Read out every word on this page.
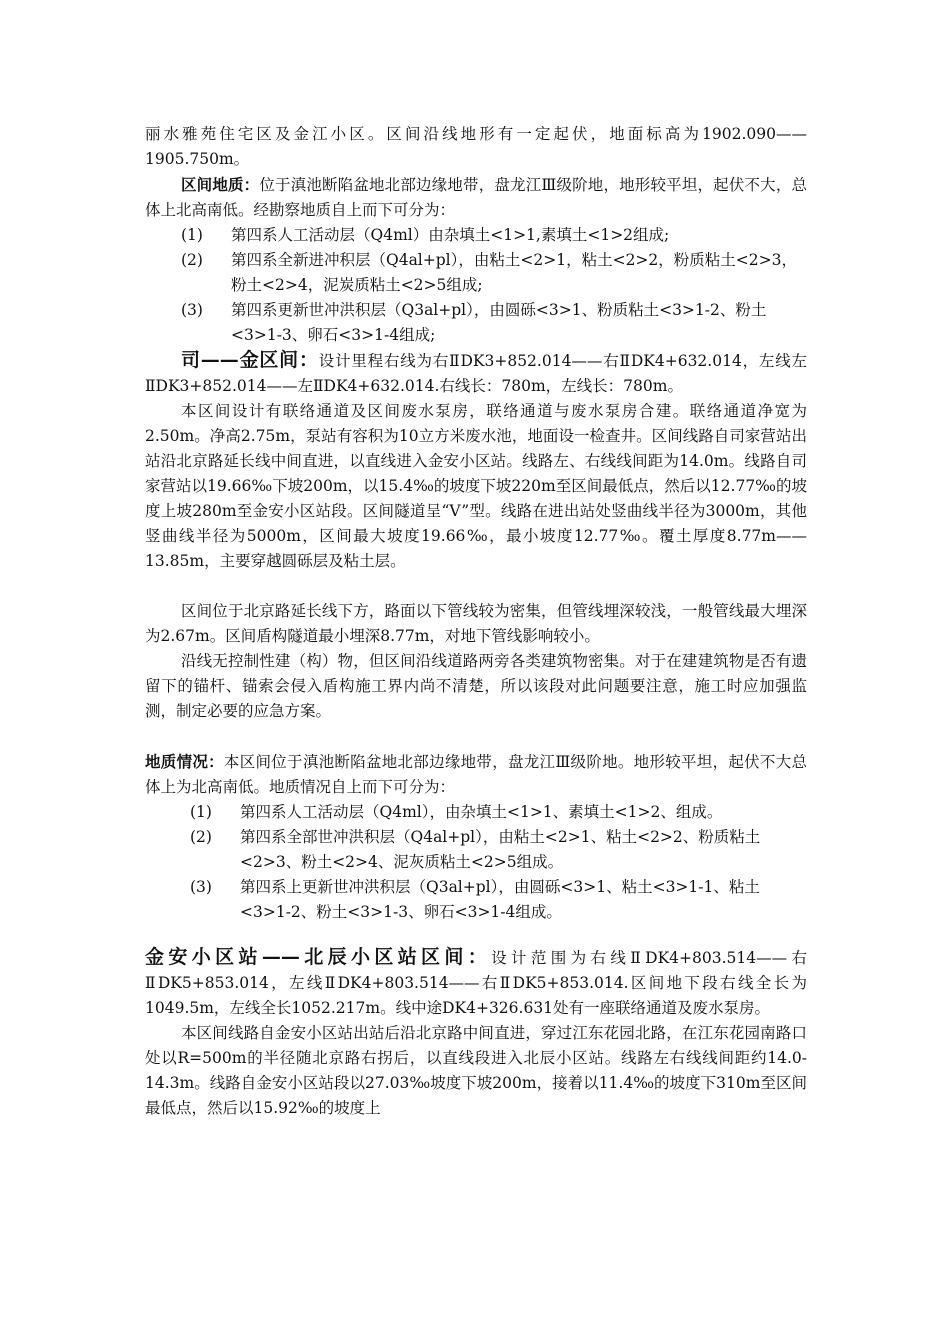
丽水雅苑住宅区及金江小区。区间沿线地形有一定起伏，地面标高为1902.090——1905.750m。

区间地质：位于滇池断陷盆地北部边缘地带，盘龙江Ⅲ级阶地，地形较平坦，起伏不大，总体上北高南低。经勘察地质自上而下可分为：

(1) 第四系人工活动层（Q4ml）由杂填土<1>1,素填土<1>2组成;

(2) 第四系全新进冲积层（Q4al+pl），由粘土<2>1，粘土<2>2，粉质粘土<2>3，粉土<2>4，泥炭质粘土<2>5组成;

(3) 第四系更新世冲洪积层（Q3al+pl），由圆砾<3>1、粉质粘土<3>1-2、粉土<3>1-3、卵石<3>1-4组成;

司——金区间：设计里程右线为右ⅡDK3+852.014——右ⅡDK4+632.014，左线左ⅡDK3+852.014——左ⅡDK4+632.014.右线长：780m，左线长：780m。

本区间设计有联络通道及区间废水泵房，联络通道与废水泵房合建。联络通道净宽为2.50m。净高2.75m，泵站有容积为10立方米废水池，地面设一检查井。区间线路自司家营站出站沿北京路延长线中间直进，以直线进入金安小区站。线路左、右线线间距为14.0m。线路自司家营站以19.66‰下坡200m，以15.4‰的坡度下坡220m至区间最低点，然后以12.77‰的坡度上坡280m至金安小区站段。区间隧道呈“V”型。线路在进出站处竖曲线半径为3000m，其他竖曲线半径为5000m，区间最大坡度19.66‰，最小坡度12.77‰。覆土厚度8.77m——13.85m，主要穿越圆砾层及粘土层。

区间位于北京路延长线下方，路面以下管线较为密集，但管线埋深较浅，一般管线最大埋深为2.67m。区间盾构隧道最小埋深8.77m，对地下管线影响较小。

沿线无控制性建（构）物，但区间沿线道路两旁各类建筑物密集。对于在建建筑物是否有遗留下的锚杆、锚索会侵入盾构施工界内尚不清楚，所以该段对此问题要注意，施工时应加强监测，制定必要的应急方案。

地质情况：本区间位于滇池断陷盆地北部边缘地带，盘龙江Ⅲ级阶地。地形较平坦，起伏不大总体上为北高南低。地质情况自上而下可分为：

(1) 第四系人工活动层（Q4ml），由杂填土<1>1、素填土<1>2、组成。

(2) 第四系全部世冲洪积层（Q4al+pl），由粘土<2>1、粘土<2>2、粉质粘土<2>3、粉土<2>4、泥灰质粘土<2>5组成。

(3) 第四系上更新世冲洪积层（Q3al+pl），由圆砾<3>1、粘土<3>1-1、粘土<3>1-2、粉土<3>1-3、卵石<3>1-4组成。

金安小区站——北辰小区站区间：设计范围为右线ⅡDK4+803.514——右ⅡDK5+853.014，左线ⅡDK4+803.514——右ⅡDK5+853.014.区间地下段右线全长为1049.5m，左线全长1052.217m。线中途DK4+326.631处有一座联络通道及废水泵房。

本区间线路自金安小区站出站后沿北京路中间直进，穿过江东花园北路，在江东花园南路口处以R=500m的半径随北京路右拐后，以直线段进入北辰小区站。线路左右线线间距约14.0-14.3m。线路自金安小区站段以27.03‰坡度下坡200m，接着以11.4‰的坡度下310m至区间最低点，然后以15.92‰的坡度上
